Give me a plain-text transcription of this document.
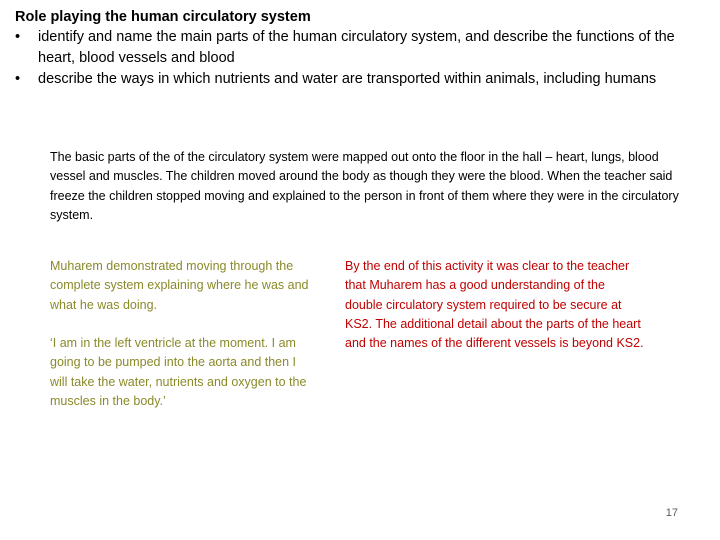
Role playing the human circulatory system
• identify and name the main parts of the human circulatory system, and describe the functions of the heart, blood vessels and blood
• describe the ways in which nutrients and water are transported within animals, including humans

The basic parts of the of the circulatory system were mapped out onto the floor in the hall – heart, lungs, blood vessel and muscles. The children moved around the body as though they were the blood. When the teacher said freeze the children stopped moving and explained to the person in front of them where they were in the circulatory system.

Muharem demonstrated moving through the complete system explaining where he was and what he was doing.

‘I am in the left ventricle at the moment. I am going to be pumped into the aorta and then I will take the water, nutrients and oxygen to the muscles in the body.’

By the end of this activity it was clear to the teacher that Muharem has a good understanding of the double circulatory system required to be secure at KS2. The additional detail about the parts of the heart and the names of the different vessels is beyond KS2.

17
